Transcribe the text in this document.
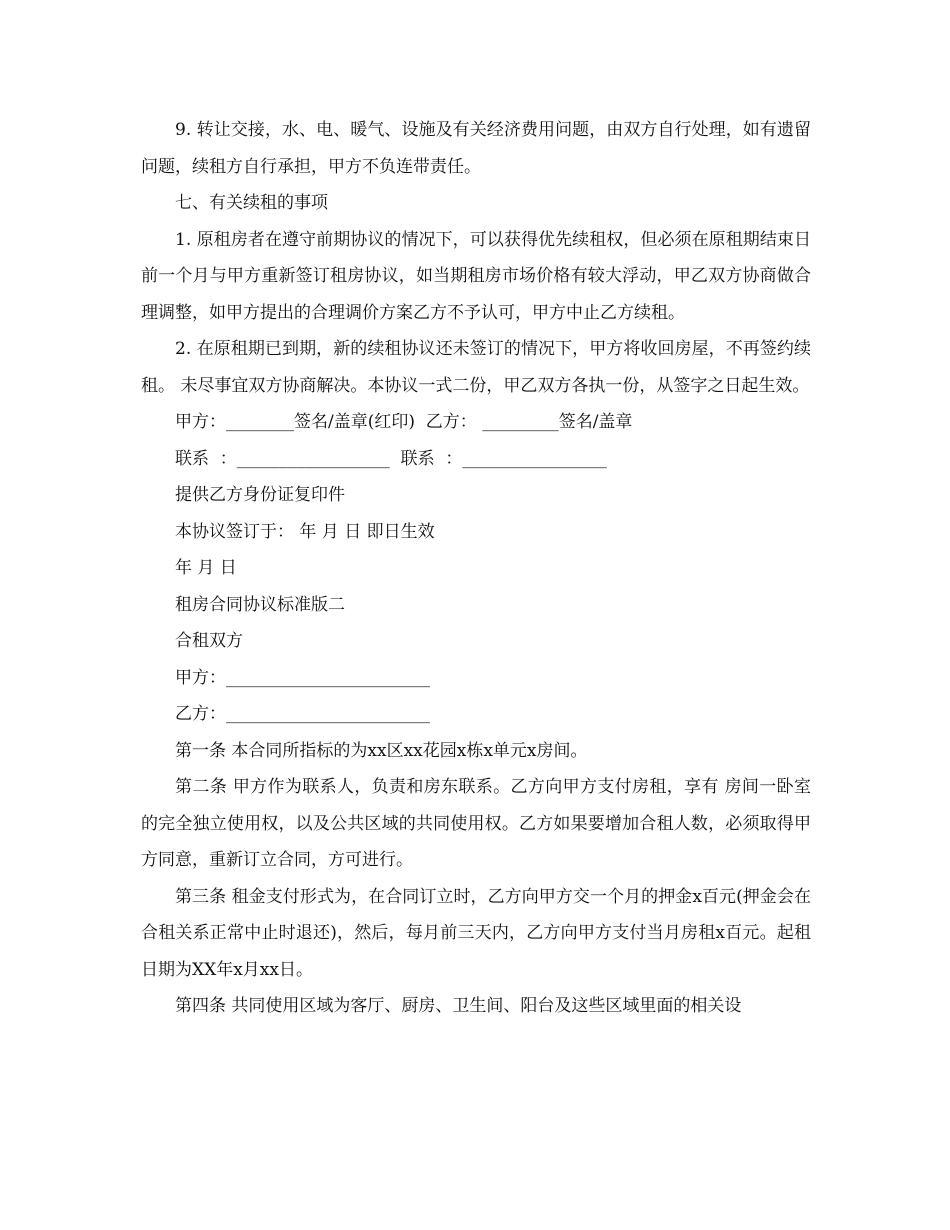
9. 转让交接，水、电、暖气、设施及有关经济费用问题，由双方自行处理，如有遗留问题，续租方自行承担，甲方不负连带责任。

七、有关续租的事项

1. 原租房者在遵守前期协议的情况下，可以获得优先续租权，但必须在原租期结束日前一个月与甲方重新签订租房协议，如当期租房市场价格有较大浮动，甲乙双方协商做合理调整，如甲方提出的合理调价方案乙方不予认可，甲方中止乙方续租。

2. 在原租期已到期，新的续租协议还未签订的情况下，甲方将收回房屋，不再签约续租。 未尽事宜双方协商解决。本协议一式二份，甲乙双方各执一份，从签字之日起生效。

甲方：________签名/盖章(红印)  乙方： _________签名/盖章

联系  ：__________________  联系  ：_________________

提供乙方身份证复印件

本协议签订于： 年 月 日 即日生效

年 月 日

租房合同协议标准版二

合租双方

甲方：________________________

乙方：________________________

第一条 本合同所指标的为xx区xx花园x栋x单元x房间。

第二条 甲方作为联系人，负责和房东联系。乙方向甲方支付房租，享有 房间一卧室的完全独立使用权，以及公共区域的共同使用权。乙方如果要增加合租人数，必须取得甲方同意，重新订立合同，方可进行。

第三条 租金支付形式为，在合同订立时，乙方向甲方交一个月的押金x百元(押金会在合租关系正常中止时退还)，然后，每月前三天内，乙方向甲方支付当月房租x百元。起租日期为XX年x月xx日。

第四条 共同使用区域为客厅、厨房、卫生间、阳台及这些区域里面的相关设
